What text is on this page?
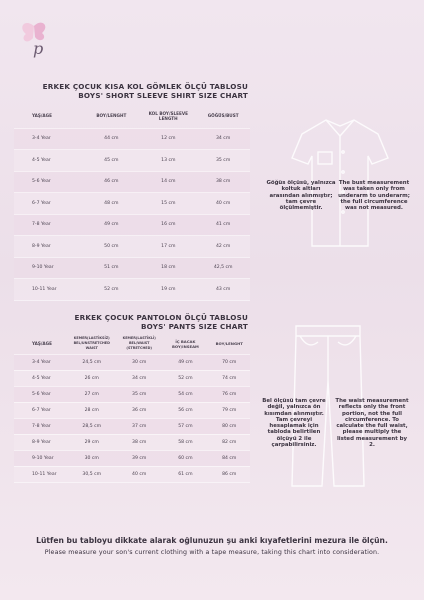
p
ERKEK ÇOCUK KISA KOL GÖMLEK ÖLÇÜ TABLOSU
BOYS' SHORT SLEEVE SHIRT SIZE CHART
YAŞ/AGE	BOY/LENGHT	KOL BOY/SLEEVE LENGTH	GÖĞÜS/BUST
3-4 Year	44 cm	12 cm	34 cm
4-5 Year	45 cm	13 cm	35 cm
5-6 Year	46 cm	14 cm	38 cm
6-7 Year	48 cm	15 cm	40 cm
7-8 Year	49 cm	16 cm	41 cm
8-9 Year	50 cm	17 cm	42 cm
9-10 Year	51 cm	18 cm	42,5 cm
10-11 Year	52 cm	19 cm	43 cm
Göğüs ölçüsü, yalnızca koltuk altları arasından alınmıştır; tam çevre ölçülmemiştir.
The bust measurement was taken only from underarm to underarm; the full circumference was not measured.
ERKEK ÇOCUK PANTOLON ÖLÇÜ TABLOSU
BOYS' PANTS SIZE CHART
YAŞ/AGE	KEMER(LASTİKSİZ) BEL/UNSTRETCHED WAIST	KEMER(LASTİKLİ) BEL/WAIST (STRETCHED)	İÇ BACAK BOY/INSEAM	BOY/LENGHT
3-4 Year	24,5 cm	30 cm	49 cm	70 cm
4-5 Year	26 cm	34 cm	52 cm	74 cm
5-6 Year	27 cm	35 cm	54 cm	76 cm
6-7 Year	28 cm	36 cm	56 cm	79 cm
7-8 Year	28,5 cm	37 cm	57 cm	80 cm
8-9 Year	29 cm	38 cm	58 cm	82 cm
9-10 Year	30 cm	39 cm	60 cm	84 cm
10-11 Year	30,5 cm	40 cm	61 cm	86 cm
Bel ölçüsü tam çevre değil, yalnızca ön kısımdan alınmıştır. Tam çevreyi hesaplamak için tabloda belirtilen ölçüyü 2 ile çarpabilirsiniz.
The waist measurement reflects only the front portion, not the full circumference. To calculate the full waist, please multiply the listed measurement by 2.
Lütfen bu tabloyu dikkate alarak oğlunuzun şu anki kıyafetlerini mezura ile ölçün.
Please measure your son's current clothing with a tape measure, taking this chart into consideration.
